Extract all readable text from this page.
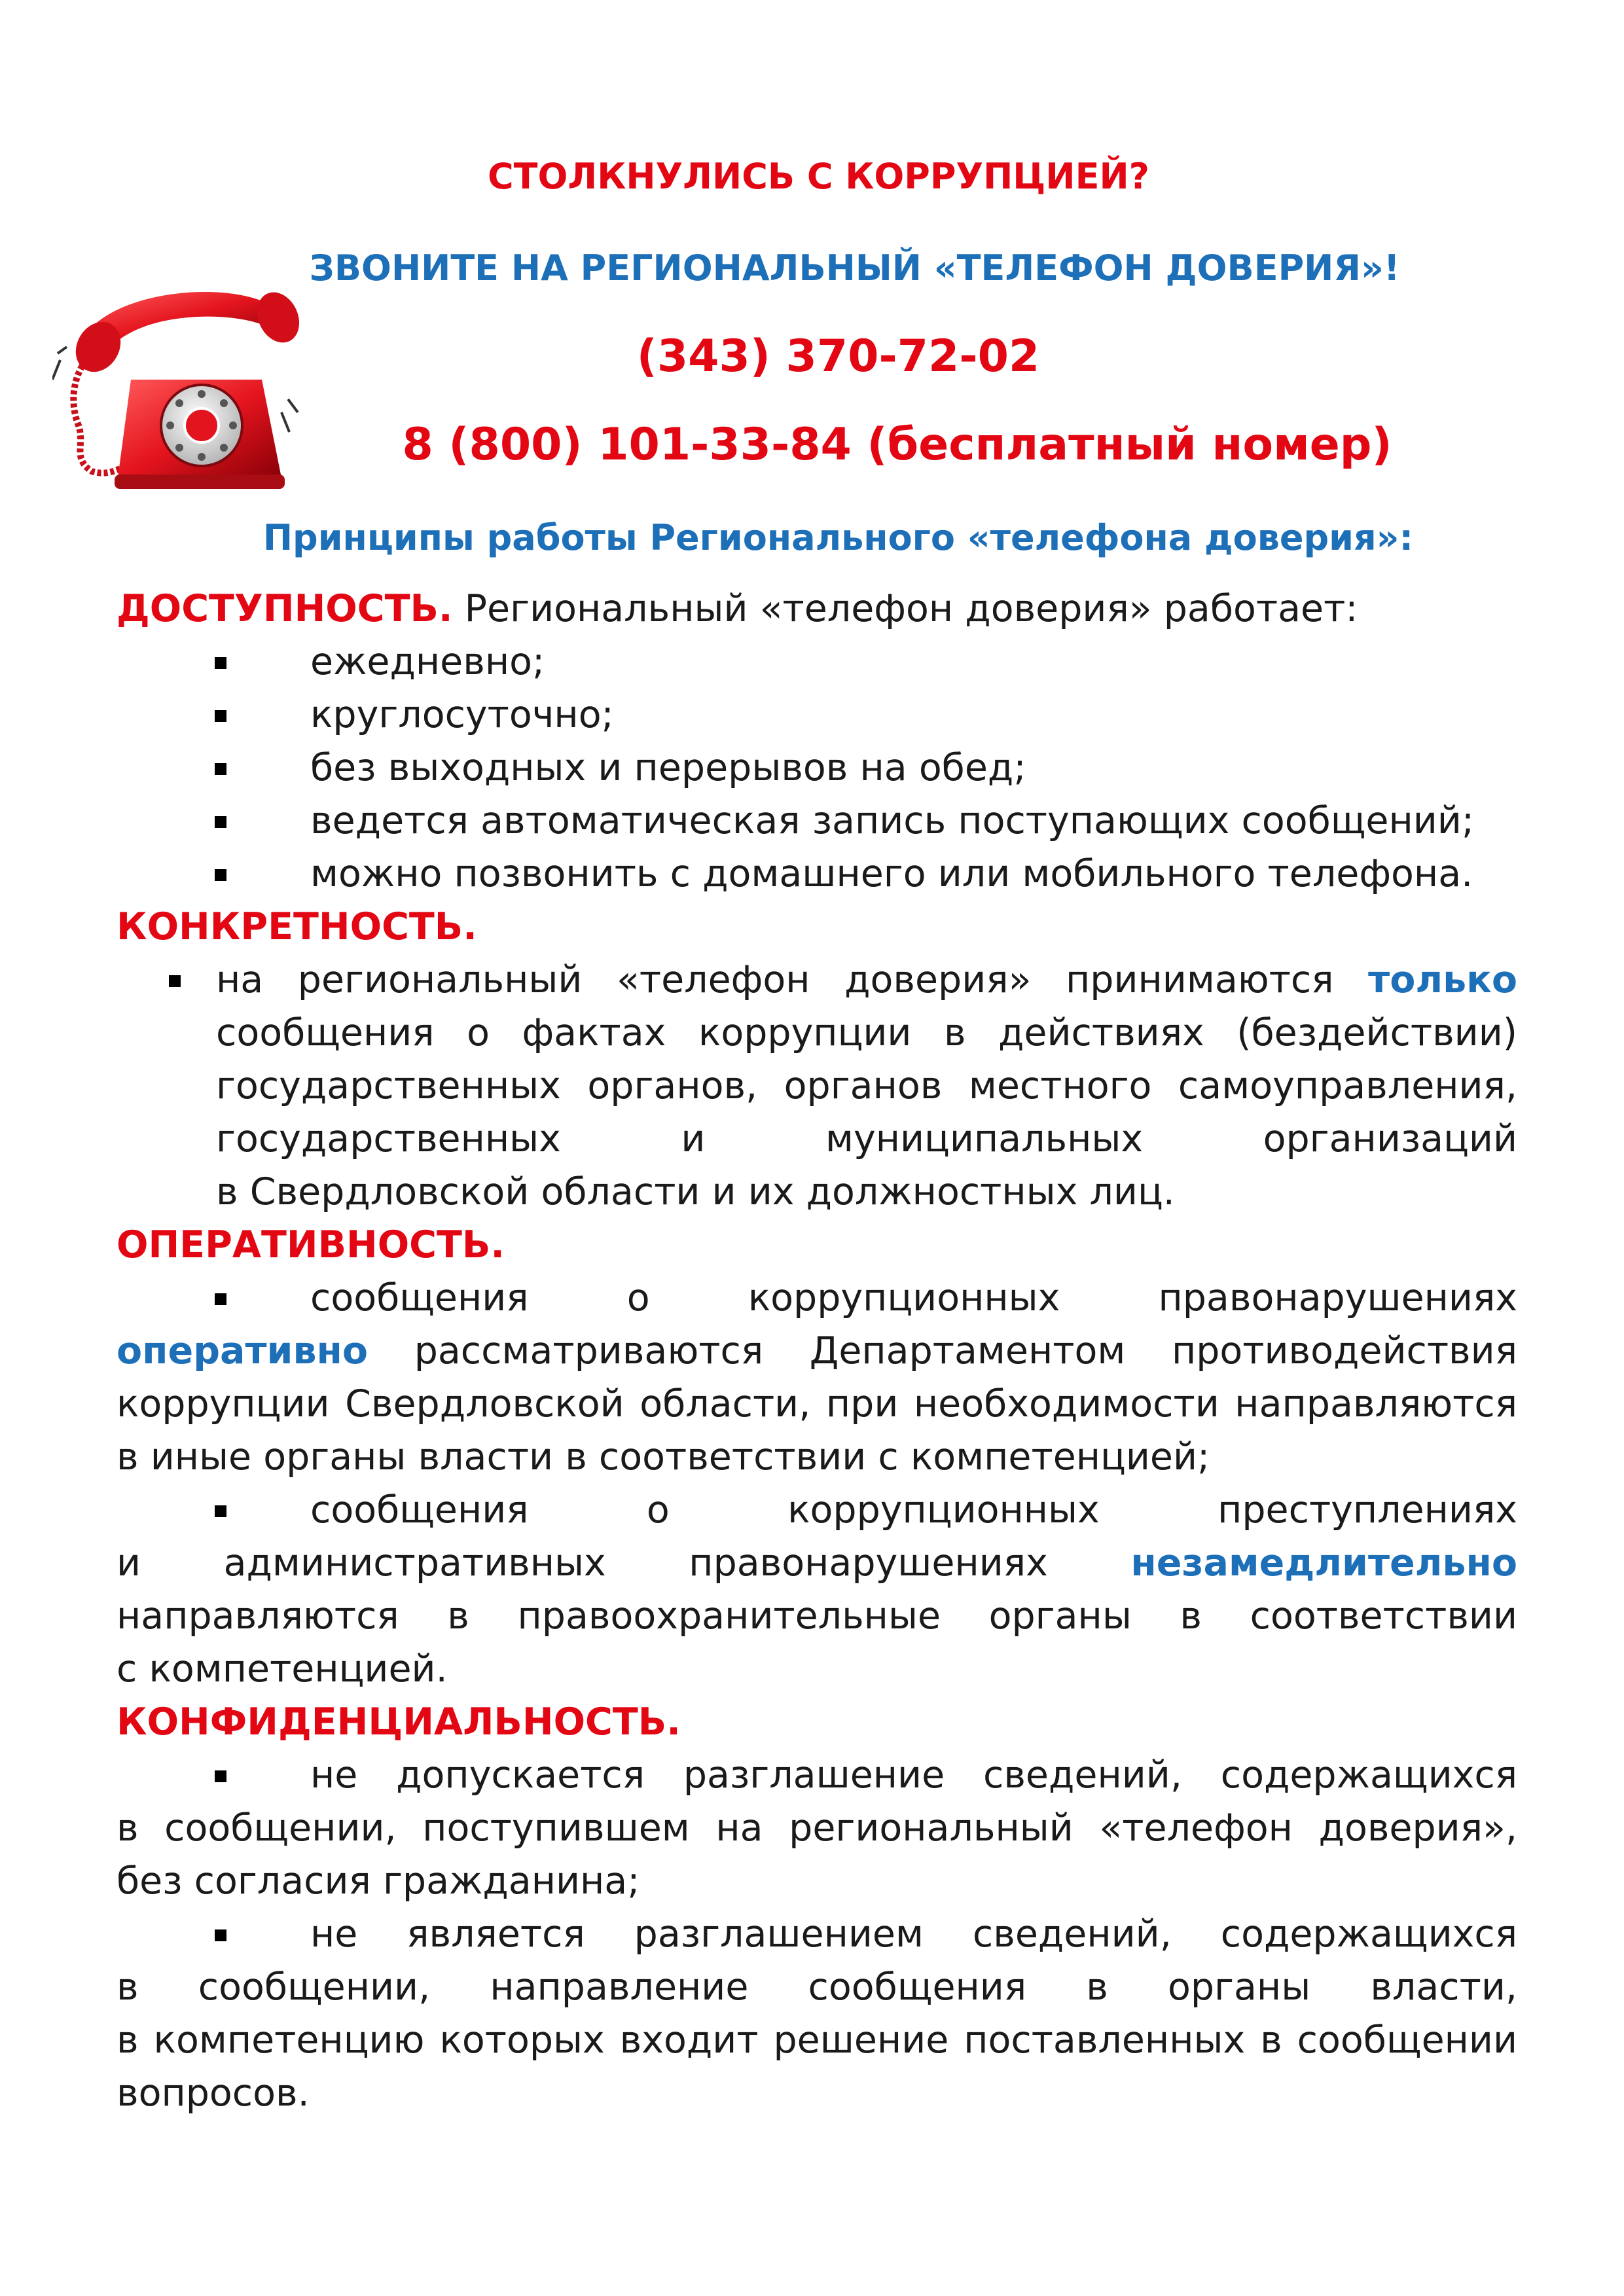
СТОЛКНУЛИСЬ С КОРРУПЦИЕЙ?
ЗВОНИТЕ НА РЕГИОНАЛЬНЫЙ «ТЕЛЕФОН ДОВЕРИЯ»!
(343) 370-72-02
8 (800) 101-33-84 (бесплатный номер)
Принципы работы Регионального «телефона доверия»:
ДОСТУПНОСТЬ. Региональный «телефон доверия» работает:
ежедневно;
круглосуточно;
без выходных и перерывов на обед;
ведется автоматическая запись поступающих сообщений;
можно позвонить с домашнего или мобильного телефона.
КОНКРЕТНОСТЬ.
на региональный «телефон доверия» принимаются только
сообщения о фактах коррупции в действиях (бездействии)
государственных органов, органов местного самоуправления,
государственных и муниципальных организаций
в Свердловской области и их должностных лиц.
ОПЕРАТИВНОСТЬ.
сообщения о коррупционных правонарушениях
оперативно рассматриваются Департаментом противодействия
коррупции Свердловской области, при необходимости направляются
в иные органы власти в соответствии с компетенцией;
сообщения о коррупционных преступлениях
и административных правонарушениях незамедлительно
направляются в правоохранительные органы в соответствии
с компетенцией.
КОНФИДЕНЦИАЛЬНОСТЬ.
не допускается разглашение сведений, содержащихся
в сообщении, поступившем на региональный «телефон доверия»,
без согласия гражданина;
не является разглашением сведений, содержащихся
в сообщении, направление сообщения в органы власти,
в компетенцию которых входит решение поставленных в сообщении
вопросов.
